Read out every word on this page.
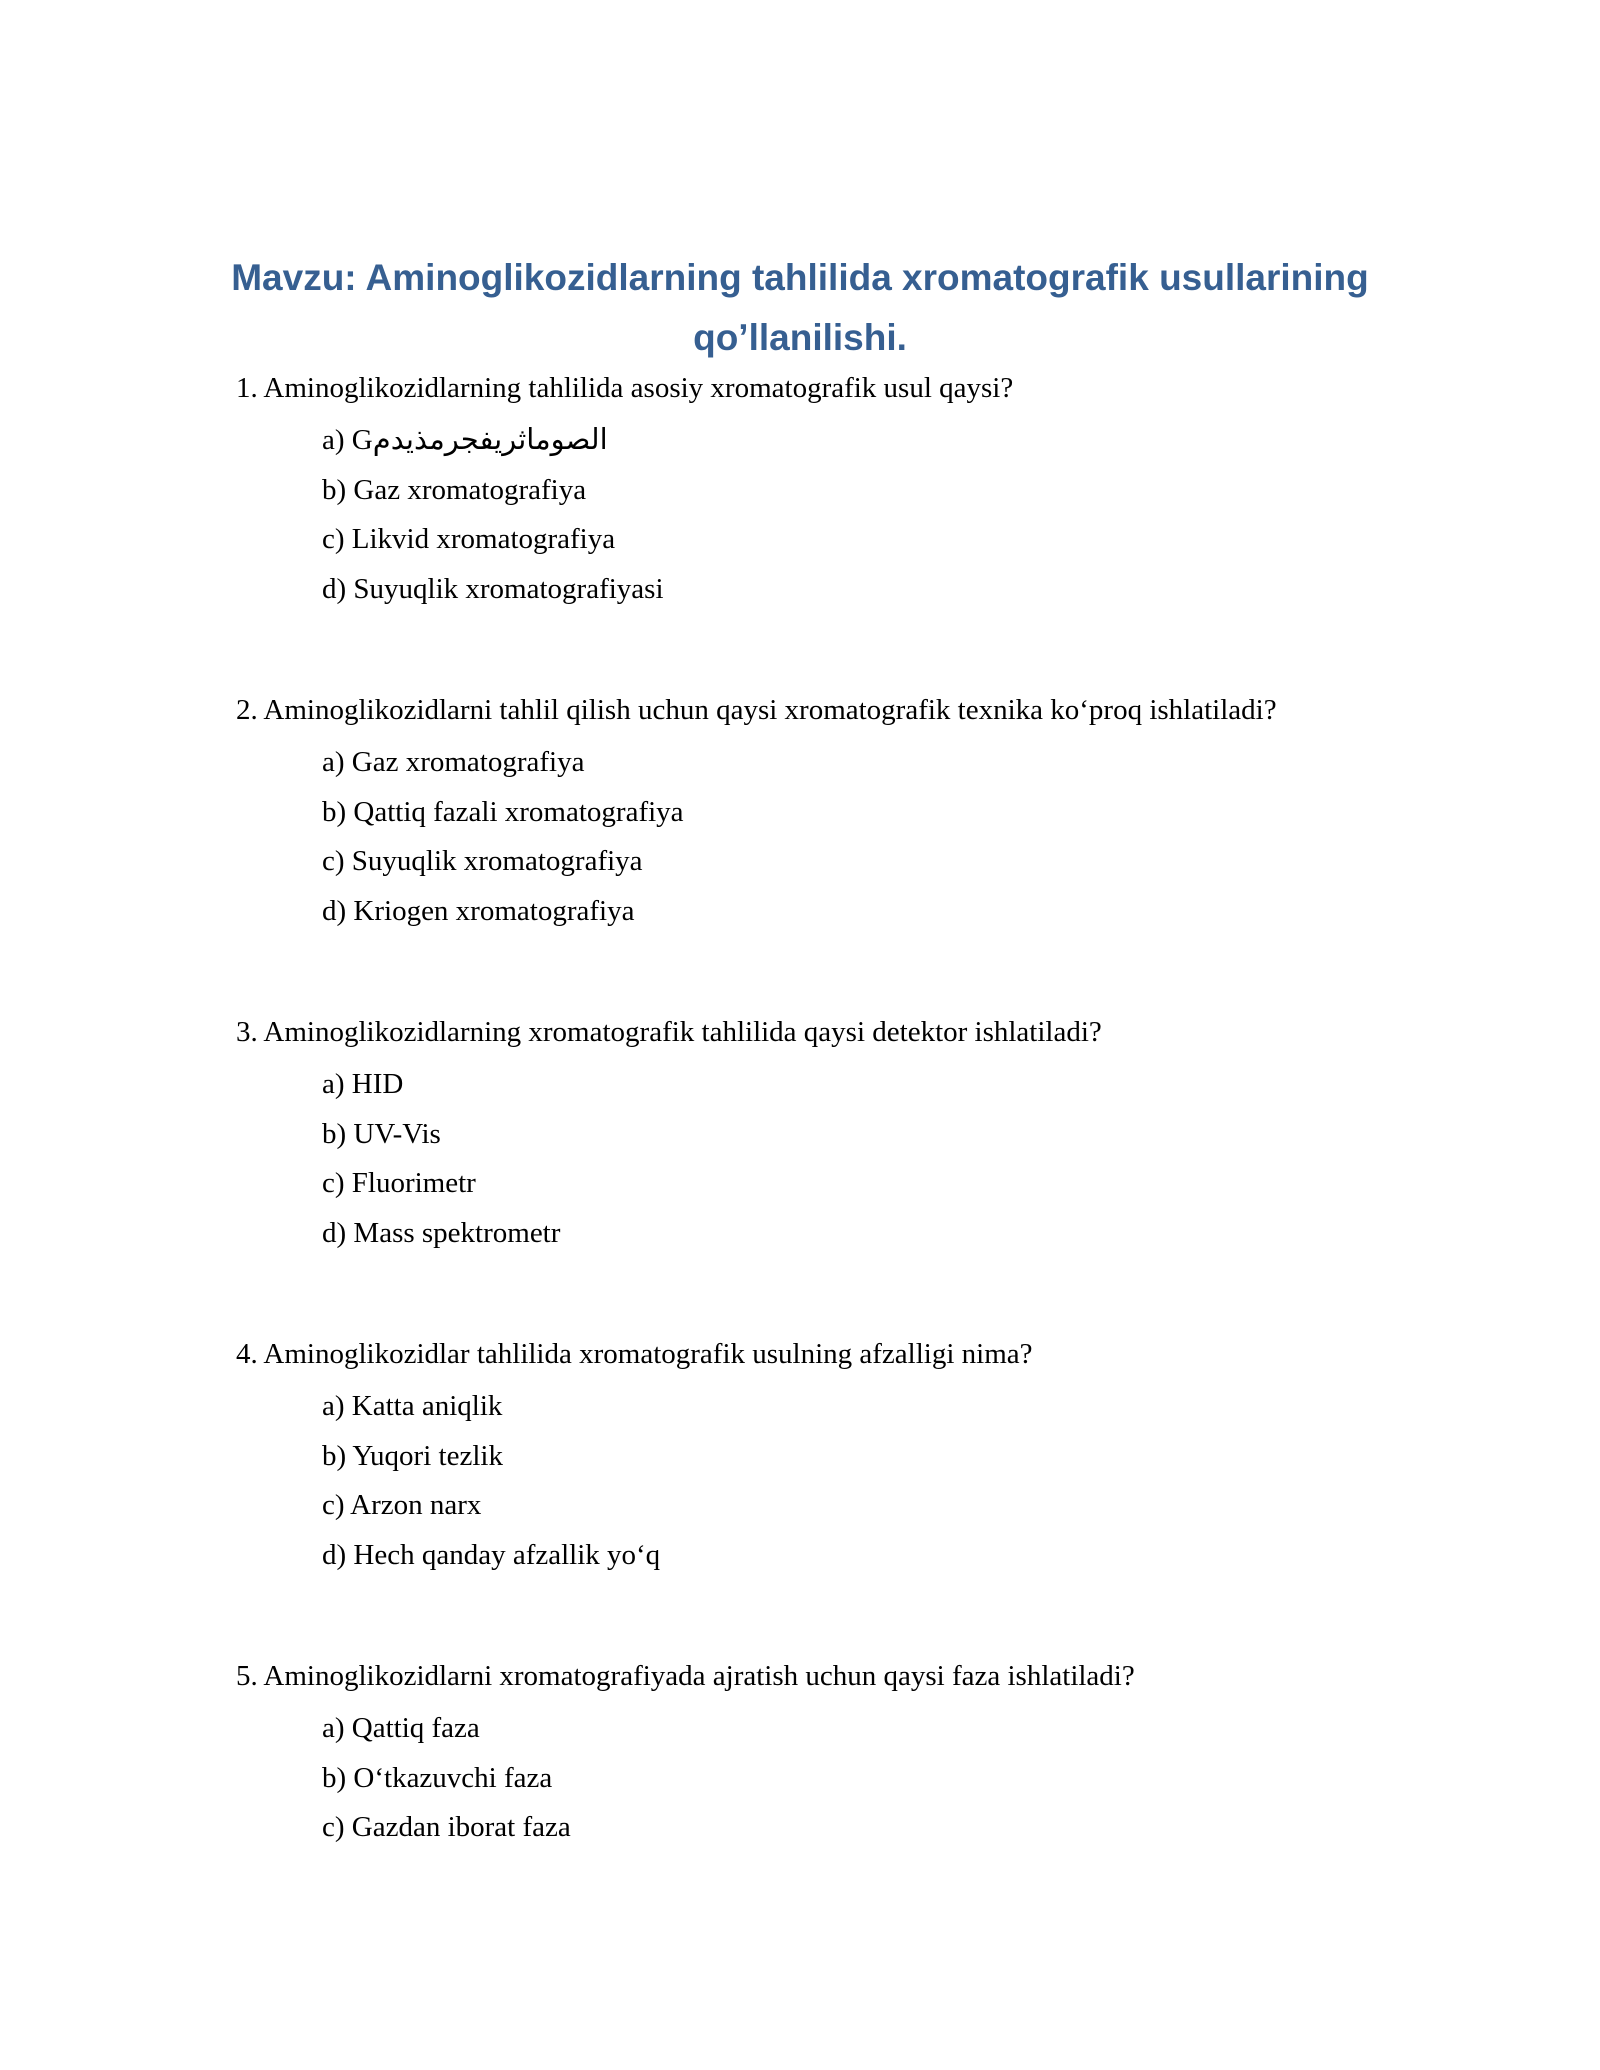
Mavzu: Aminoglikozidlarning tahlilida xromatografik usullarining qo’llanilishi.
1. Aminoglikozidlarning tahlilida asosiy xromatografik usul qaysi?
a) Gالصوماثريفجرمذيدم
b) Gaz xromatografiya
c) Likvid xromatografiya
d) Suyuqlik xromatografiyasi
2. Aminoglikozidlarni tahlil qilish uchun qaysi xromatografik texnika ko‘proq ishlatiladi?
a) Gaz xromatografiya
b) Qattiq fazali xromatografiya
c) Suyuqlik xromatografiya
d) Kriogen xromatografiya
3. Aminoglikozidlarning xromatografik tahlilida qaysi detektor ishlatiladi?
a) HID
b) UV-Vis
c) Fluorimetr
d) Mass spektrometr
4. Aminoglikozidlar tahlilida xromatografik usulning afzalligi nima?
a) Katta aniqlik
b) Yuqori tezlik
c) Arzon narx
d) Hech qanday afzallik yo‘q
5. Aminoglikozidlarni xromatografiyada ajratish uchun qaysi faza ishlatiladi?
a) Qattiq faza
b) O‘tkazuvchi faza
c) Gazdan iborat faza
